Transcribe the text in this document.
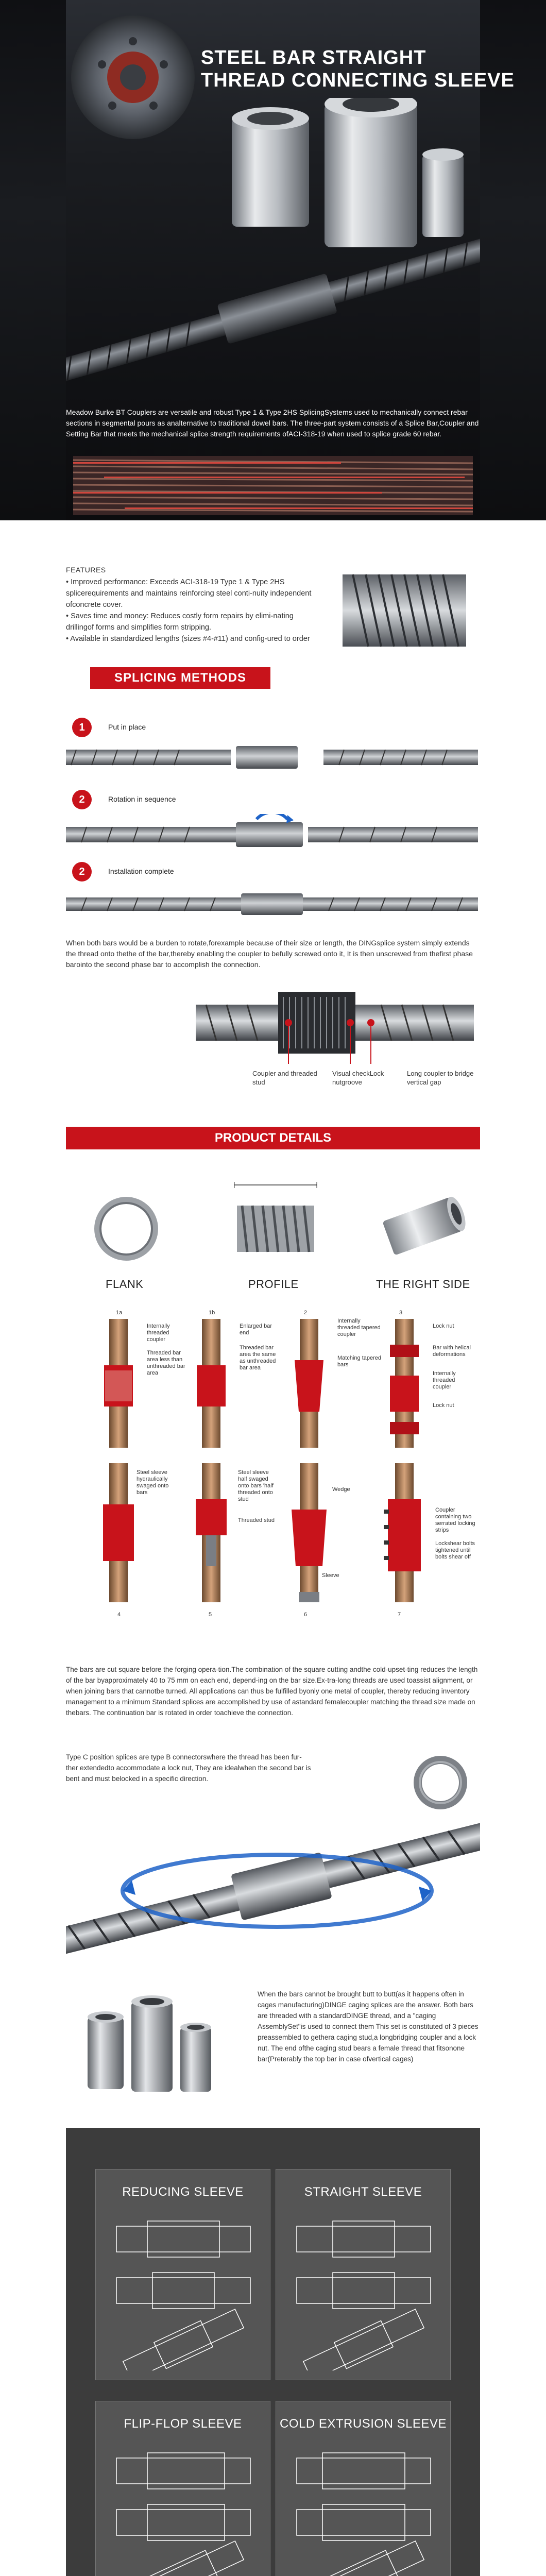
STEEL BAR STRAIGHT
THREAD CONNECTING SLEEVE
Meadow Burke BT Couplers are versatile and robust Type 1 & Type 2HS SplicingSystems used to mechanically connect rebar sections in segmental pours as analternative to traditional dowel bars. The three-part system consists of a Splice Bar,Coupler and Setting Bar that meets the mechanical splice strength requirements ofACI-318-19 when used to splice grade 60 rebar.
FEATURES
• Improved performance: Exceeds ACI-318-19 Type 1 & Type 2HS splicerequirements and maintains reinforcing steel conti-nuity independent ofconcrete cover.
• Saves time and money: Reduces costly form repairs by elimi-nating drillingof forms and simplifies form stripping.
• Available in standardized lengths (sizes #4-#11) and config-ured to order
SPLICING METHODS
1	Put in place
2	Rotation in sequence
2	Installation complete
When both bars would be a burden to rotate,forexample because of their size or length, the DINGsplice system simply extends the thread onto thethe of the bar,thereby enabling the coupler to befully screwed onto it, It is then unscrewed from thefirst phase barointo the second phase bar to accomplish the connection.
Coupler and threaded stud
Visual checkLock nutgroove
Long coupler to bridge vertical gap
PRODUCT DETAILS
FLANK	PROFILE	THE RIGHT SIDE
1a	1b	2	3
Internally threaded coupler
Threaded bar area less than unthreaded bar area
Enlarged bar end
Threaded bar area the same as unthreaded bar area
Internally threaded tapered coupler
Matching tapered bars
Lock nut
Bar with helical deformations
Internally threaded coupler
Lock nut
Steel sleeve hydraulically swaged onto bars
Steel sleeve half swaged onto bars 'half threaded onto stud
Threaded stud
Wedge
Sleeve
Coupler containing two serrated locking strips
Lockshear bolts tightened until bolts shear off
4	5	6	7
The bars are cut square before the forging opera-tion.The combination of the square cutting andthe cold-upset-ting reduces the length of the bar byapproximately 40 to 75 mm on each end, depend-ing on the bar size.Ex-tra-long threads are used toassist alignment, or when joining bars that cannotbe turned. All applications can thus be fulfilled byonly one metal of coupler, thereby reducing inventory management to a minimum Standard splices are accomplished by use of astandard femalecoupler matching the thread size made on thebars. The continuation bar is rotated in order toachieve the connection.
Type C position splices are type B connectorswhere the thread has been fur-ther extendedto accommodate a lock nut, They are idealwhen the second bar is bent and must belocked in a specific direction.
When the bars cannot be brought butt to butt(as it happens often in cages manufacturing)DINGE caging splices are the answer. Both bars are threaded with a standardDINGE thread, and a "caging AssemblySet"is used to connect them This set is constituted of 3 pieces preassembled to gethera caging stud,a longbridging coupler and a lock nut. The end ofthe caging stud bears a female thread that fitsonone bar(Preterably the top bar in case ofvertical cages)
REDUCING SLEEVE	STRAIGHT SLEEVE
FLIP-FLOP SLEEVE	COLD EXTRUSION SLEEVE
